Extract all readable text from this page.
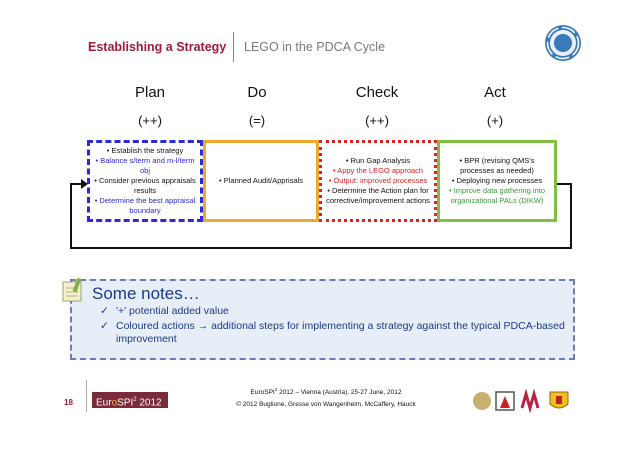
Establishing a Strategy LEGO in the PDCA Cycle
Plan
(++)
Do
(=)
Check
(++)
Act
(+)
• Establish the strategy
• Balance s/term and m-l/term obj
• Consider previous appraisals results
• Determine the best appraisal boundary
• Planned Audit/Apprisals
• Run Gap Analysis
• Appy the LEGO approach
• Output: improved processes
• Determine the Action plan for corrective/improvement actions
• BPR (revising QMS's processes as needed)
• Deploying new processes
• Improve data gathering into organizational PALs (DIKW)
Some notes…
✓ '+' potential added value
✓ Coloured actions → additional steps for implementing a strategy against the typical PDCA-based improvement
18	EuroSPI$^2$ 2012
EuroSPI$^2$ 2012 – Vienna (Austria), 25-27 June, 2012
© 2012 Buglione, Gresse von Wangenheim, McCaffery, Hauck
